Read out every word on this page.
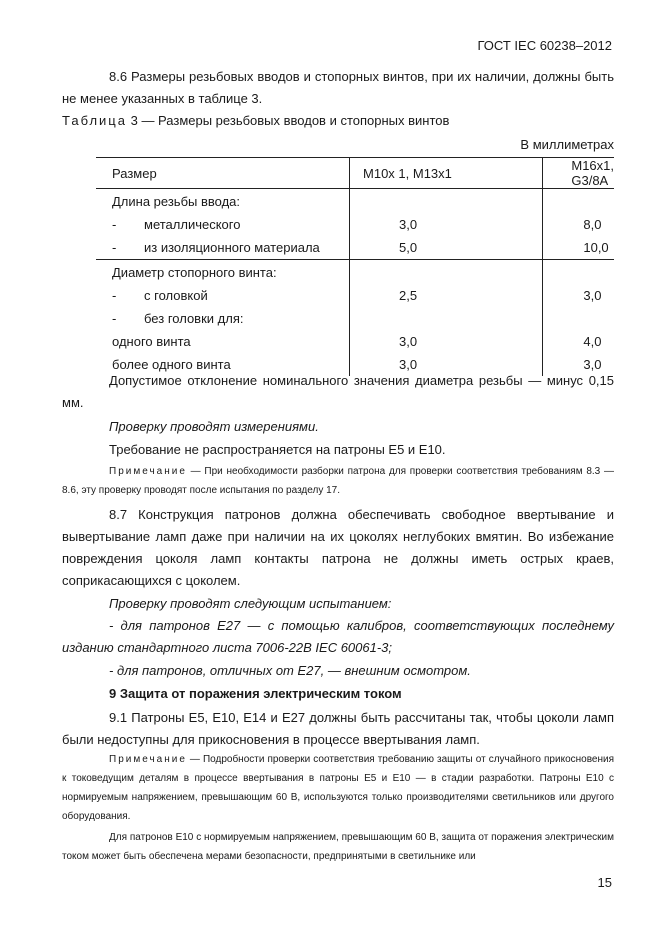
ГОСТ IEC 60238–2012
8.6 Размеры резьбовых вводов и стопорных винтов, при их наличии, должны быть не менее указанных в таблице 3.
Таблица 3 — Размеры резьбовых вводов и стопорных винтов
В миллиметрах
Размер	M10x 1, M13x1	M16x1, G3/8A
Длина резьбы ввода:		
- металлического	3,0	8,0
- из изоляционного материала	5,0	10,0
Диаметр стопорного винта:		
- с головкой	2,5	3,0
- без головки для:		
одного винта	3,0	4,0
более одного винта	3,0	3,0
Допустимое отклонение номинального значения диаметра резьбы — минус 0,15 мм.
Проверку проводят измерениями.
Требование не распространяется на патроны Е5 и Е10.
Примечание — При необходимости разборки патрона для проверки соответствия требованиям 8.3 — 8.6, эту проверку проводят после испытания по разделу 17.
8.7 Конструкция патронов должна обеспечивать свободное ввертывание и вывертывание ламп даже при наличии на их цоколях неглубоких вмятин. Во избежание повреждения цоколя ламп контакты патрона не должны иметь острых краев, соприкасающихся с цоколем.
Проверку проводят следующим испытанием:
- для патронов Е27 — с помощью калибров, соответствующих последнему изданию стандартного листа 7006-22В IEC 60061-3;
- для патронов, отличных от Е27, — внешним осмотром.
9 Защита от поражения электрическим током
9.1 Патроны Е5, Е10, Е14 и Е27 должны быть рассчитаны так, чтобы цоколи ламп были недоступны для прикосновения в процессе ввертывания ламп.
Примечание — Подробности проверки соответствия требованию защиты от случайного прикосновения к токоведущим деталям в процессе ввертывания в патроны Е5 и Е10 — в стадии разработки. Патроны Е10 с нормируемым напряжением, превышающим 60 В, используются только производителями светильников или другого оборудования.
Для патронов Е10 с нормируемым напряжением, превышающим 60 В, защита от поражения электрическим током может быть обеспечена мерами безопасности, предпринятыми в светильнике или
15
